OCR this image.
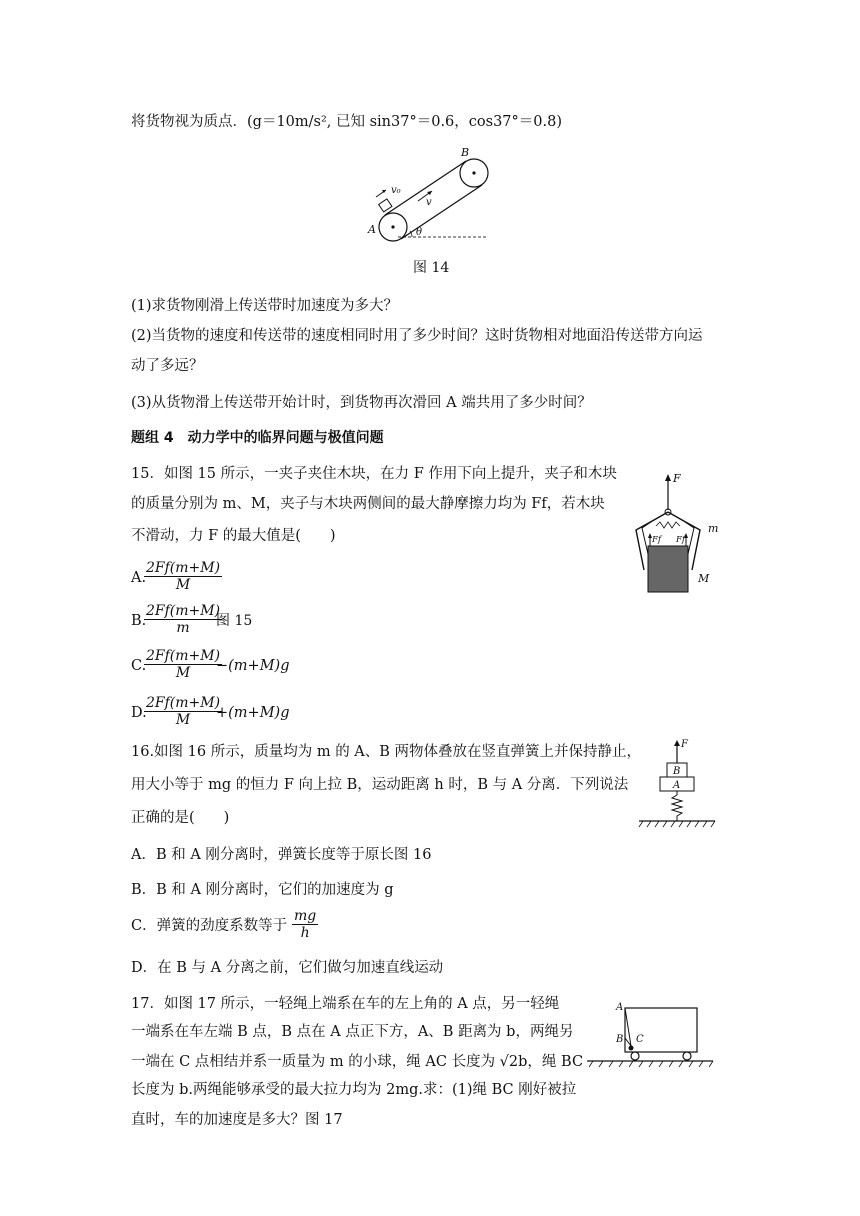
将货物视为质点．(g＝10m/s², 已知 sin37°＝0.6，cos37°＝0.8)
A
B
v₀
v
θ
图 14
(1)求货物刚滑上传送带时加速度为多大？
(2)当货物的速度和传送带的速度相同时用了多少时间？这时货物相对地面沿传送带方向运
动了多远？
(3)从货物滑上传送带开始计时，到货物再次滑回 A 端共用了多少时间？
题组 4　动力学中的临界问题与极值问题
15．如图 15 所示，一夹子夹住木块，在力 F 作用下向上提升，夹子和木块
的质量分别为 m、M，夹子与木块两侧间的最大静摩擦力均为 Ff，若木块
不滑动，力 F 的最大值是(　　)
A.
$\frac{2Ff(m+M)}{M}$
B.
$\frac{2Ff(m+M)}{m}$
图 15
C.
$\frac{2Ff(m+M)}{M}$
−(m+M)g
D.
$\frac{2Ff(m+M)}{M}$
+(m+M)g
F
m
M
Ff Ff
16.如图 16 所示，质量均为 m 的 A、B 两物体叠放在竖直弹簧上并保持静止，
用大小等于 mg 的恒力 F 向上拉 B，运动距离 h 时，B 与 A 分离．下列说法
正确的是(　　)
A．B 和 A 刚分离时，弹簧长度等于原长图 16
B．B 和 A 刚分离时，它们的加速度为 g
C．弹簧的劲度系数等于 $\frac{mg}{h}$
D．在 B 与 A 分离之前，它们做匀加速直线运动
F
B
A
17．如图 17 所示，一轻绳上端系在车的左上角的 A 点，另一轻绳
一端系在车左端 B 点，B 点在 A 点正下方，A、B 距离为 b，两绳另
一端在 C 点相结并系一质量为 m 的小球，绳 AC 长度为 √2b，绳 BC
长度为 b.两绳能够承受的最大拉力均为 2mg.求：(1)绳 BC 刚好被拉
直时，车的加速度是多大？图 17
A
B C
